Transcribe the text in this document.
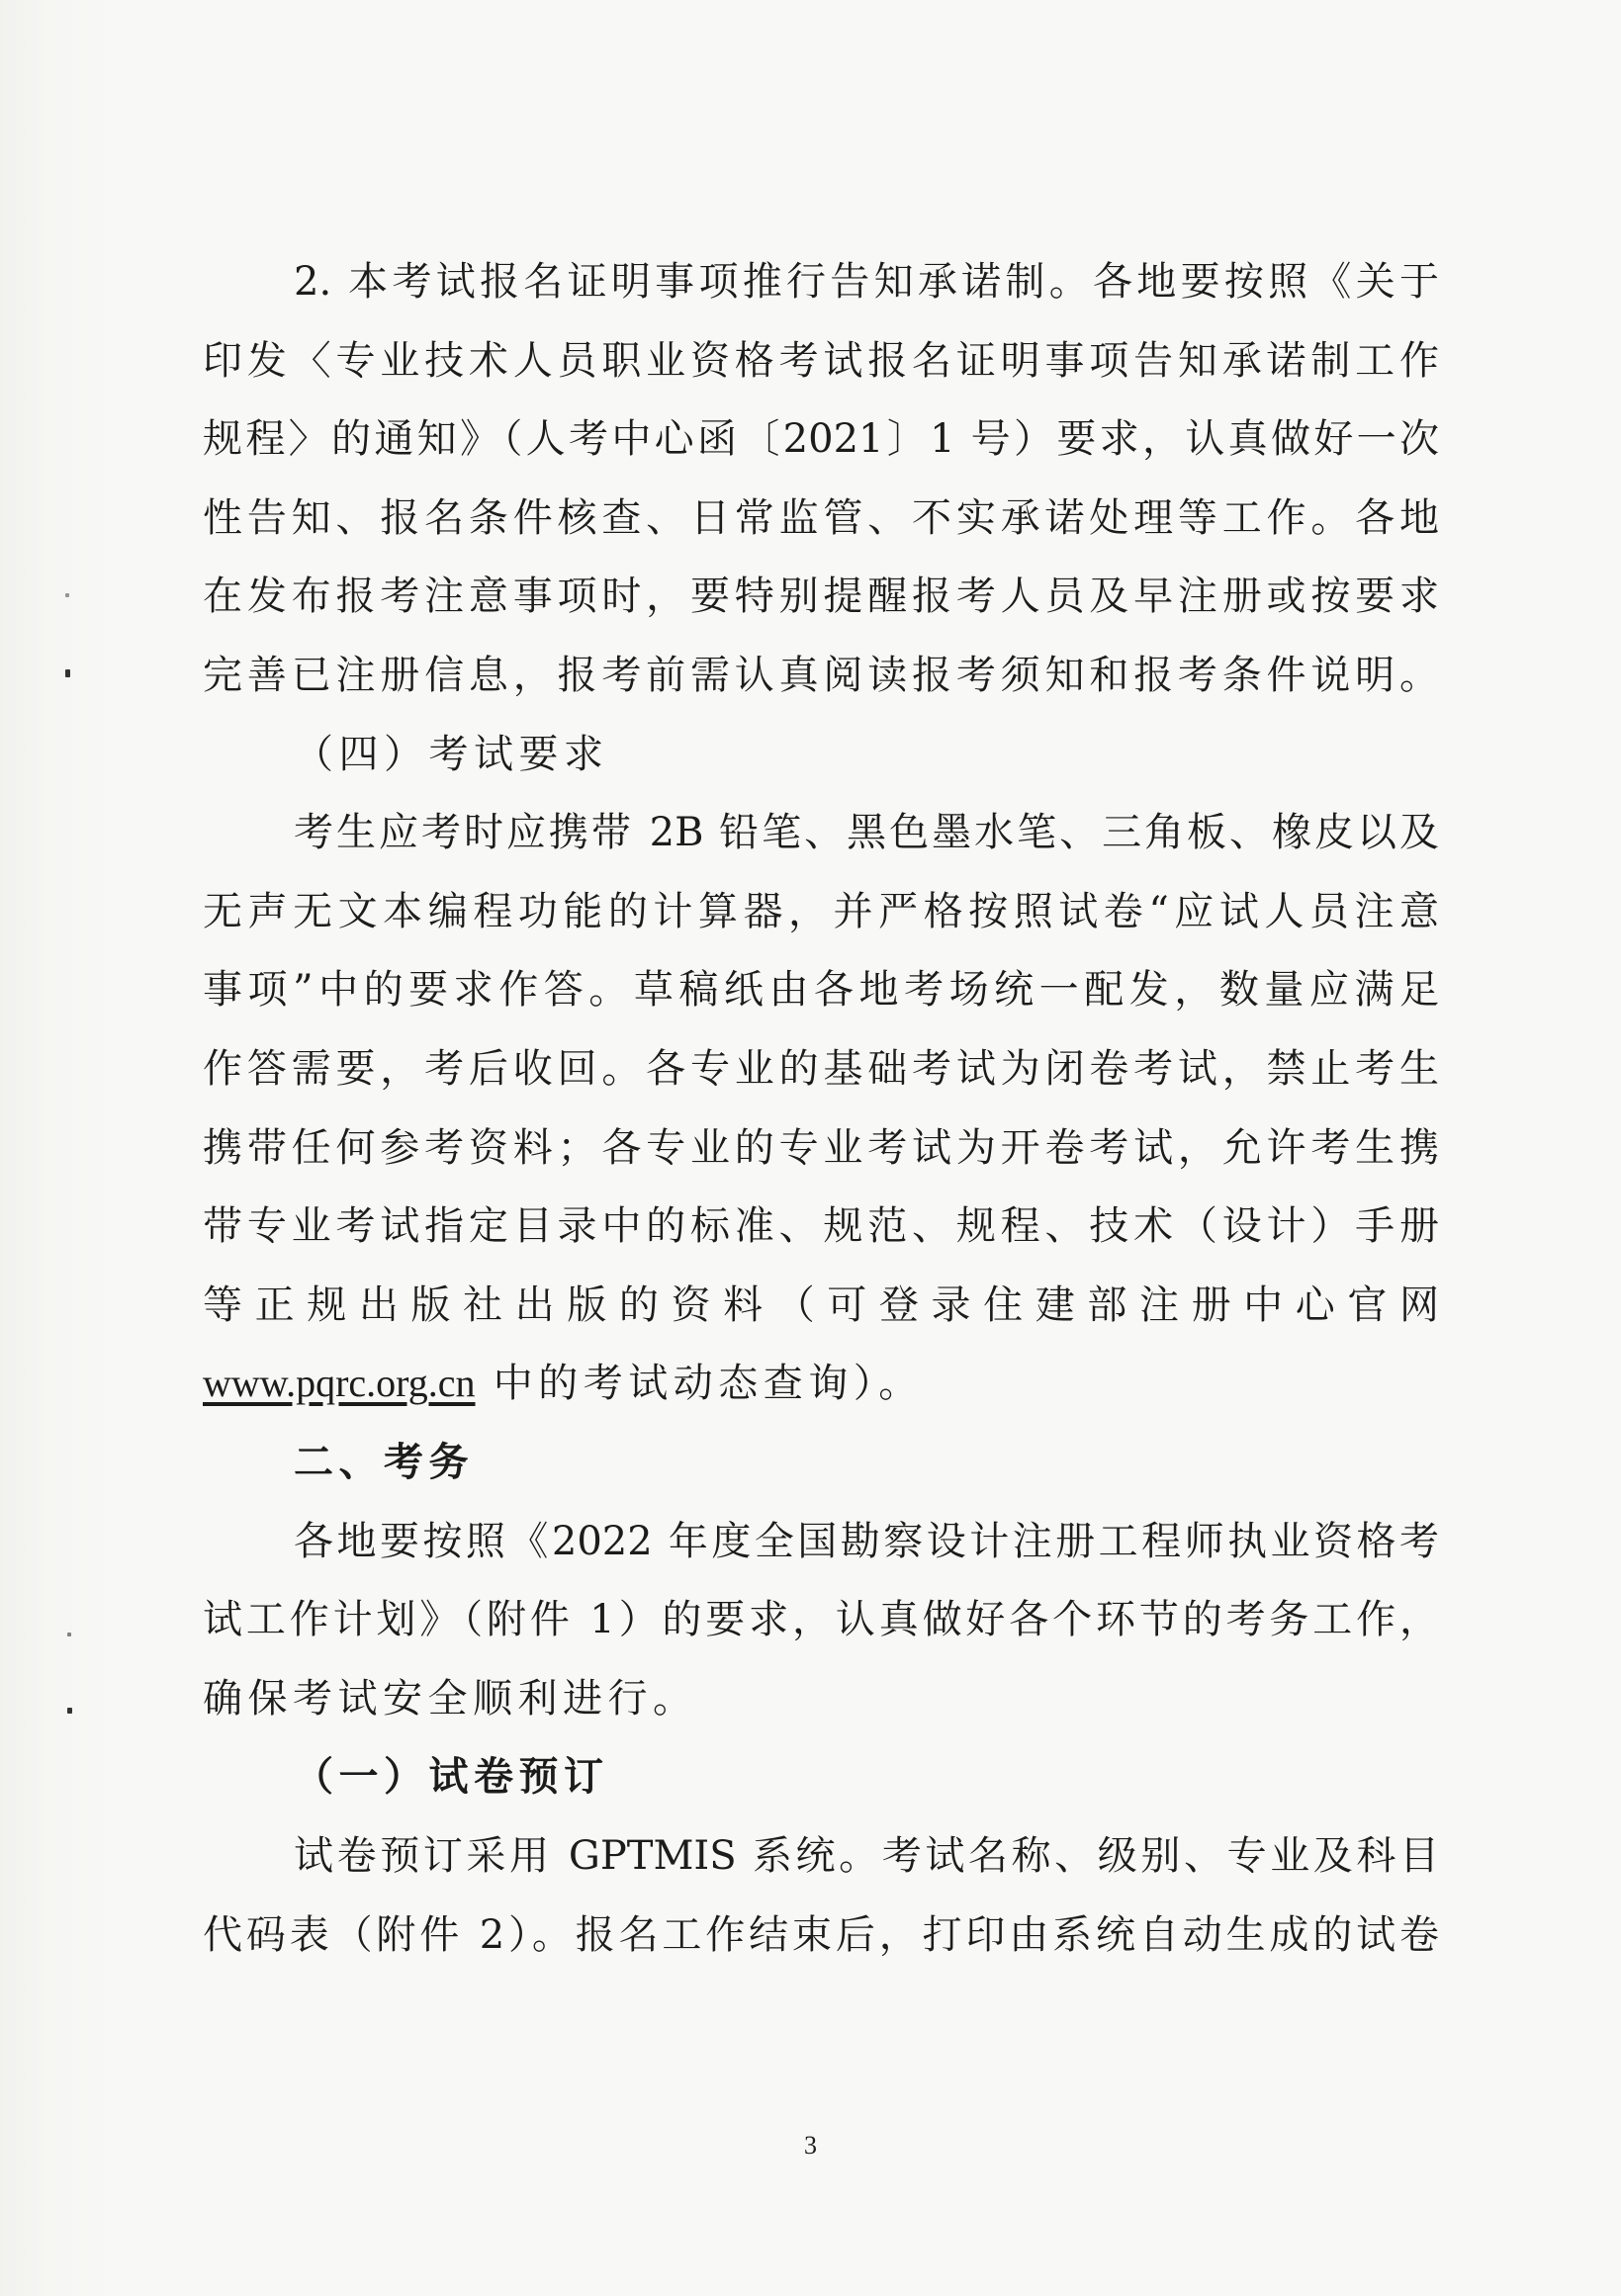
2. 本考试报名证明事项推行告知承诺制。各地要按照《关于
印发〈专业技术人员职业资格考试报名证明事项告知承诺制工作
规程〉的通知》（人考中心函〔2021〕1 号）要求，认真做好一次
性告知、报名条件核查、日常监管、不实承诺处理等工作。各地
在发布报考注意事项时，要特别提醒报考人员及早注册或按要求
完善已注册信息，报考前需认真阅读报考须知和报考条件说明。
（四）考试要求
考生应考时应携带 2B 铅笔、黑色墨水笔、三角板、橡皮以及
无声无文本编程功能的计算器，并严格按照试卷“应试人员注意
事项”中的要求作答。草稿纸由各地考场统一配发，数量应满足
作答需要，考后收回。各专业的基础考试为闭卷考试，禁止考生
携带任何参考资料；各专业的专业考试为开卷考试，允许考生携
带专业考试指定目录中的标准、规范、规程、技术（设计）手册
等正规出版社出版的资料（可登录住建部注册中心官网
www.pqrc.org.cn 中的考试动态查询）。
二、考务
各地要按照《2022 年度全国勘察设计注册工程师执业资格考
试工作计划》（附件 1）的要求，认真做好各个环节的考务工作，
确保考试安全顺利进行。
（一）试卷预订
试卷预订采用 GPTMIS 系统。考试名称、级别、专业及科目
代码表（附件 2）。报名工作结束后，打印由系统自动生成的试卷
3
